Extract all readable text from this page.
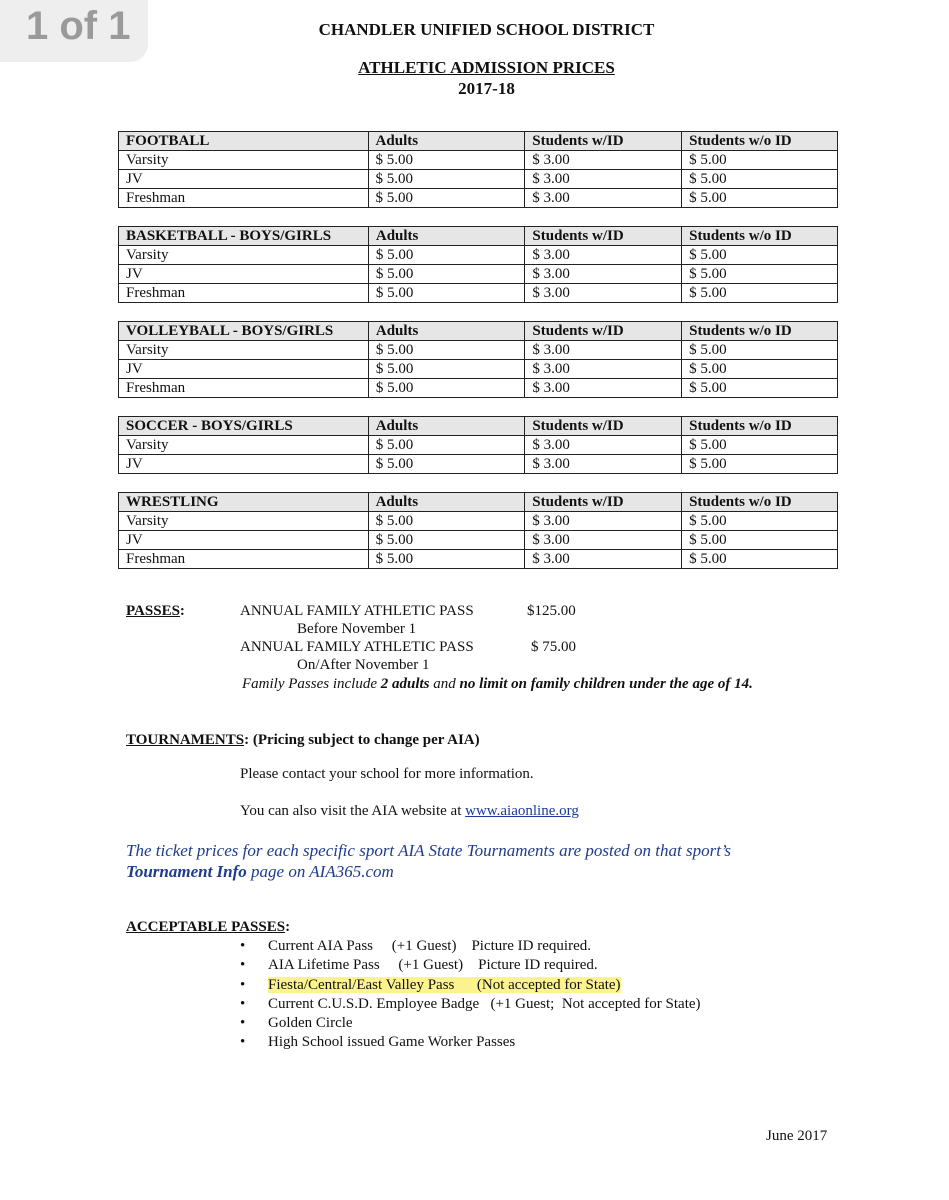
1 of 1	CHANDLER UNIFIED SCHOOL DISTRICT
ATHLETIC ADMISSION PRICES
2017-18
FOOTBALL	Adults	Students w/ID	Students w/o ID
Varsity	$ 5.00	$ 3.00	$ 5.00
JV	$ 5.00	$ 3.00	$ 5.00
Freshman	$ 5.00	$ 3.00	$ 5.00
BASKETBALL - BOYS/GIRLS	Adults	Students w/ID	Students w/o ID
Varsity	$ 5.00	$ 3.00	$ 5.00
JV	$ 5.00	$ 3.00	$ 5.00
Freshman	$ 5.00	$ 3.00	$ 5.00
VOLLEYBALL - BOYS/GIRLS	Adults	Students w/ID	Students w/o ID
Varsity	$ 5.00	$ 3.00	$ 5.00
JV	$ 5.00	$ 3.00	$ 5.00
Freshman	$ 5.00	$ 3.00	$ 5.00
SOCCER - BOYS/GIRLS	Adults	Students w/ID	Students w/o ID
Varsity	$ 5.00	$ 3.00	$ 5.00
JV	$ 5.00	$ 3.00	$ 5.00
WRESTLING	Adults	Students w/ID	Students w/o ID
Varsity	$ 5.00	$ 3.00	$ 5.00
JV	$ 5.00	$ 3.00	$ 5.00
Freshman	$ 5.00	$ 3.00	$ 5.00
PASSES:	ANNUAL FAMILY ATHLETIC PASS	$125.00
Before November 1
ANNUAL FAMILY ATHLETIC PASS	$ 75.00
On/After November 1
Family Passes include 2 adults and no limit on family children under the age of 14.
TOURNAMENTS: (Pricing subject to change per AIA)
Please contact your school for more information.
You can also visit the AIA website at www.aiaonline.org
The ticket prices for each specific sport AIA State Tournaments are posted on that sport’s
Tournament Info page on AIA365.com
ACCEPTABLE PASSES:
• Current AIA Pass     (+1 Guest)    Picture ID required.
• AIA Lifetime Pass     (+1 Guest)    Picture ID required.
• Fiesta/Central/East Valley Pass      (Not accepted for State)
• Current C.U.S.D. Employee Badge   (+1 Guest;  Not accepted for State)
• Golden Circle
• High School issued Game Worker Passes
June 2017
